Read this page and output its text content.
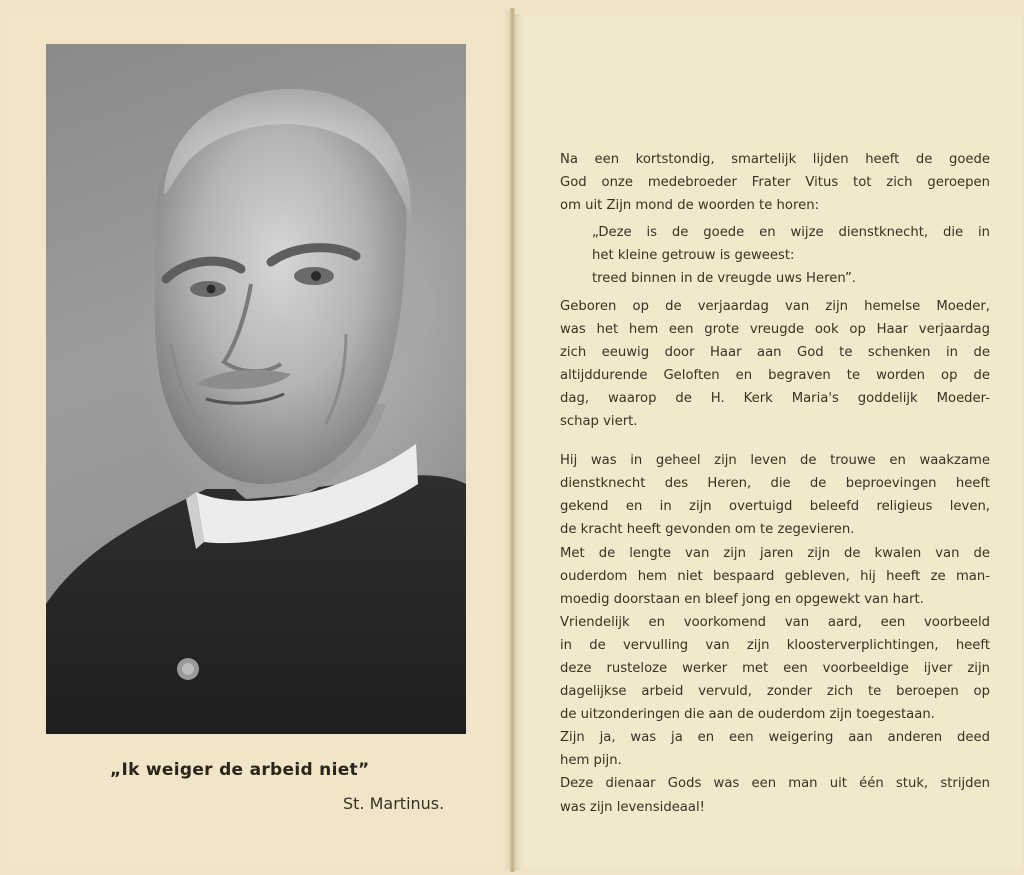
„Ik weiger de arbeid niet”
St. Martinus.
Na een kortstondig, smartelijk lijden heeft de goede
God onze medebroeder Frater Vitus tot zich geroepen
om uit Zijn mond de woorden te horen:
„Deze is de goede en wijze dienstknecht, die in
het kleine getrouw is geweest:
treed binnen in de vreugde uws Heren”.
Geboren op de verjaardag van zijn hemelse Moeder,
was het hem een grote vreugde ook op Haar verjaardag
zich eeuwig door Haar aan God te schenken in de
altijddurende Geloften en begraven te worden op de
dag, waarop de H. Kerk Maria's goddelijk Moeder-
schap viert.
Hij was in geheel zijn leven de trouwe en waakzame
dienstknecht des Heren, die de beproevingen heeft
gekend en in zijn overtuigd beleefd religieus leven,
de kracht heeft gevonden om te zegevieren.
Met de lengte van zijn jaren zijn de kwalen van de
ouderdom hem niet bespaard gebleven, hij heeft ze man-
moedig doorstaan en bleef jong en opgewekt van hart.
Vriendelijk en voorkomend van aard, een voorbeeld
in de vervulling van zijn kloosterverplichtingen, heeft
deze rusteloze werker met een voorbeeldige ijver zijn
dagelijkse arbeid vervuld, zonder zich te beroepen op
de uitzonderingen die aan de ouderdom zijn toegestaan.
Zijn ja, was ja en een weigering aan anderen deed
hem pijn.
Deze dienaar Gods was een man uit één stuk, strijden
was zijn levensideaal!
